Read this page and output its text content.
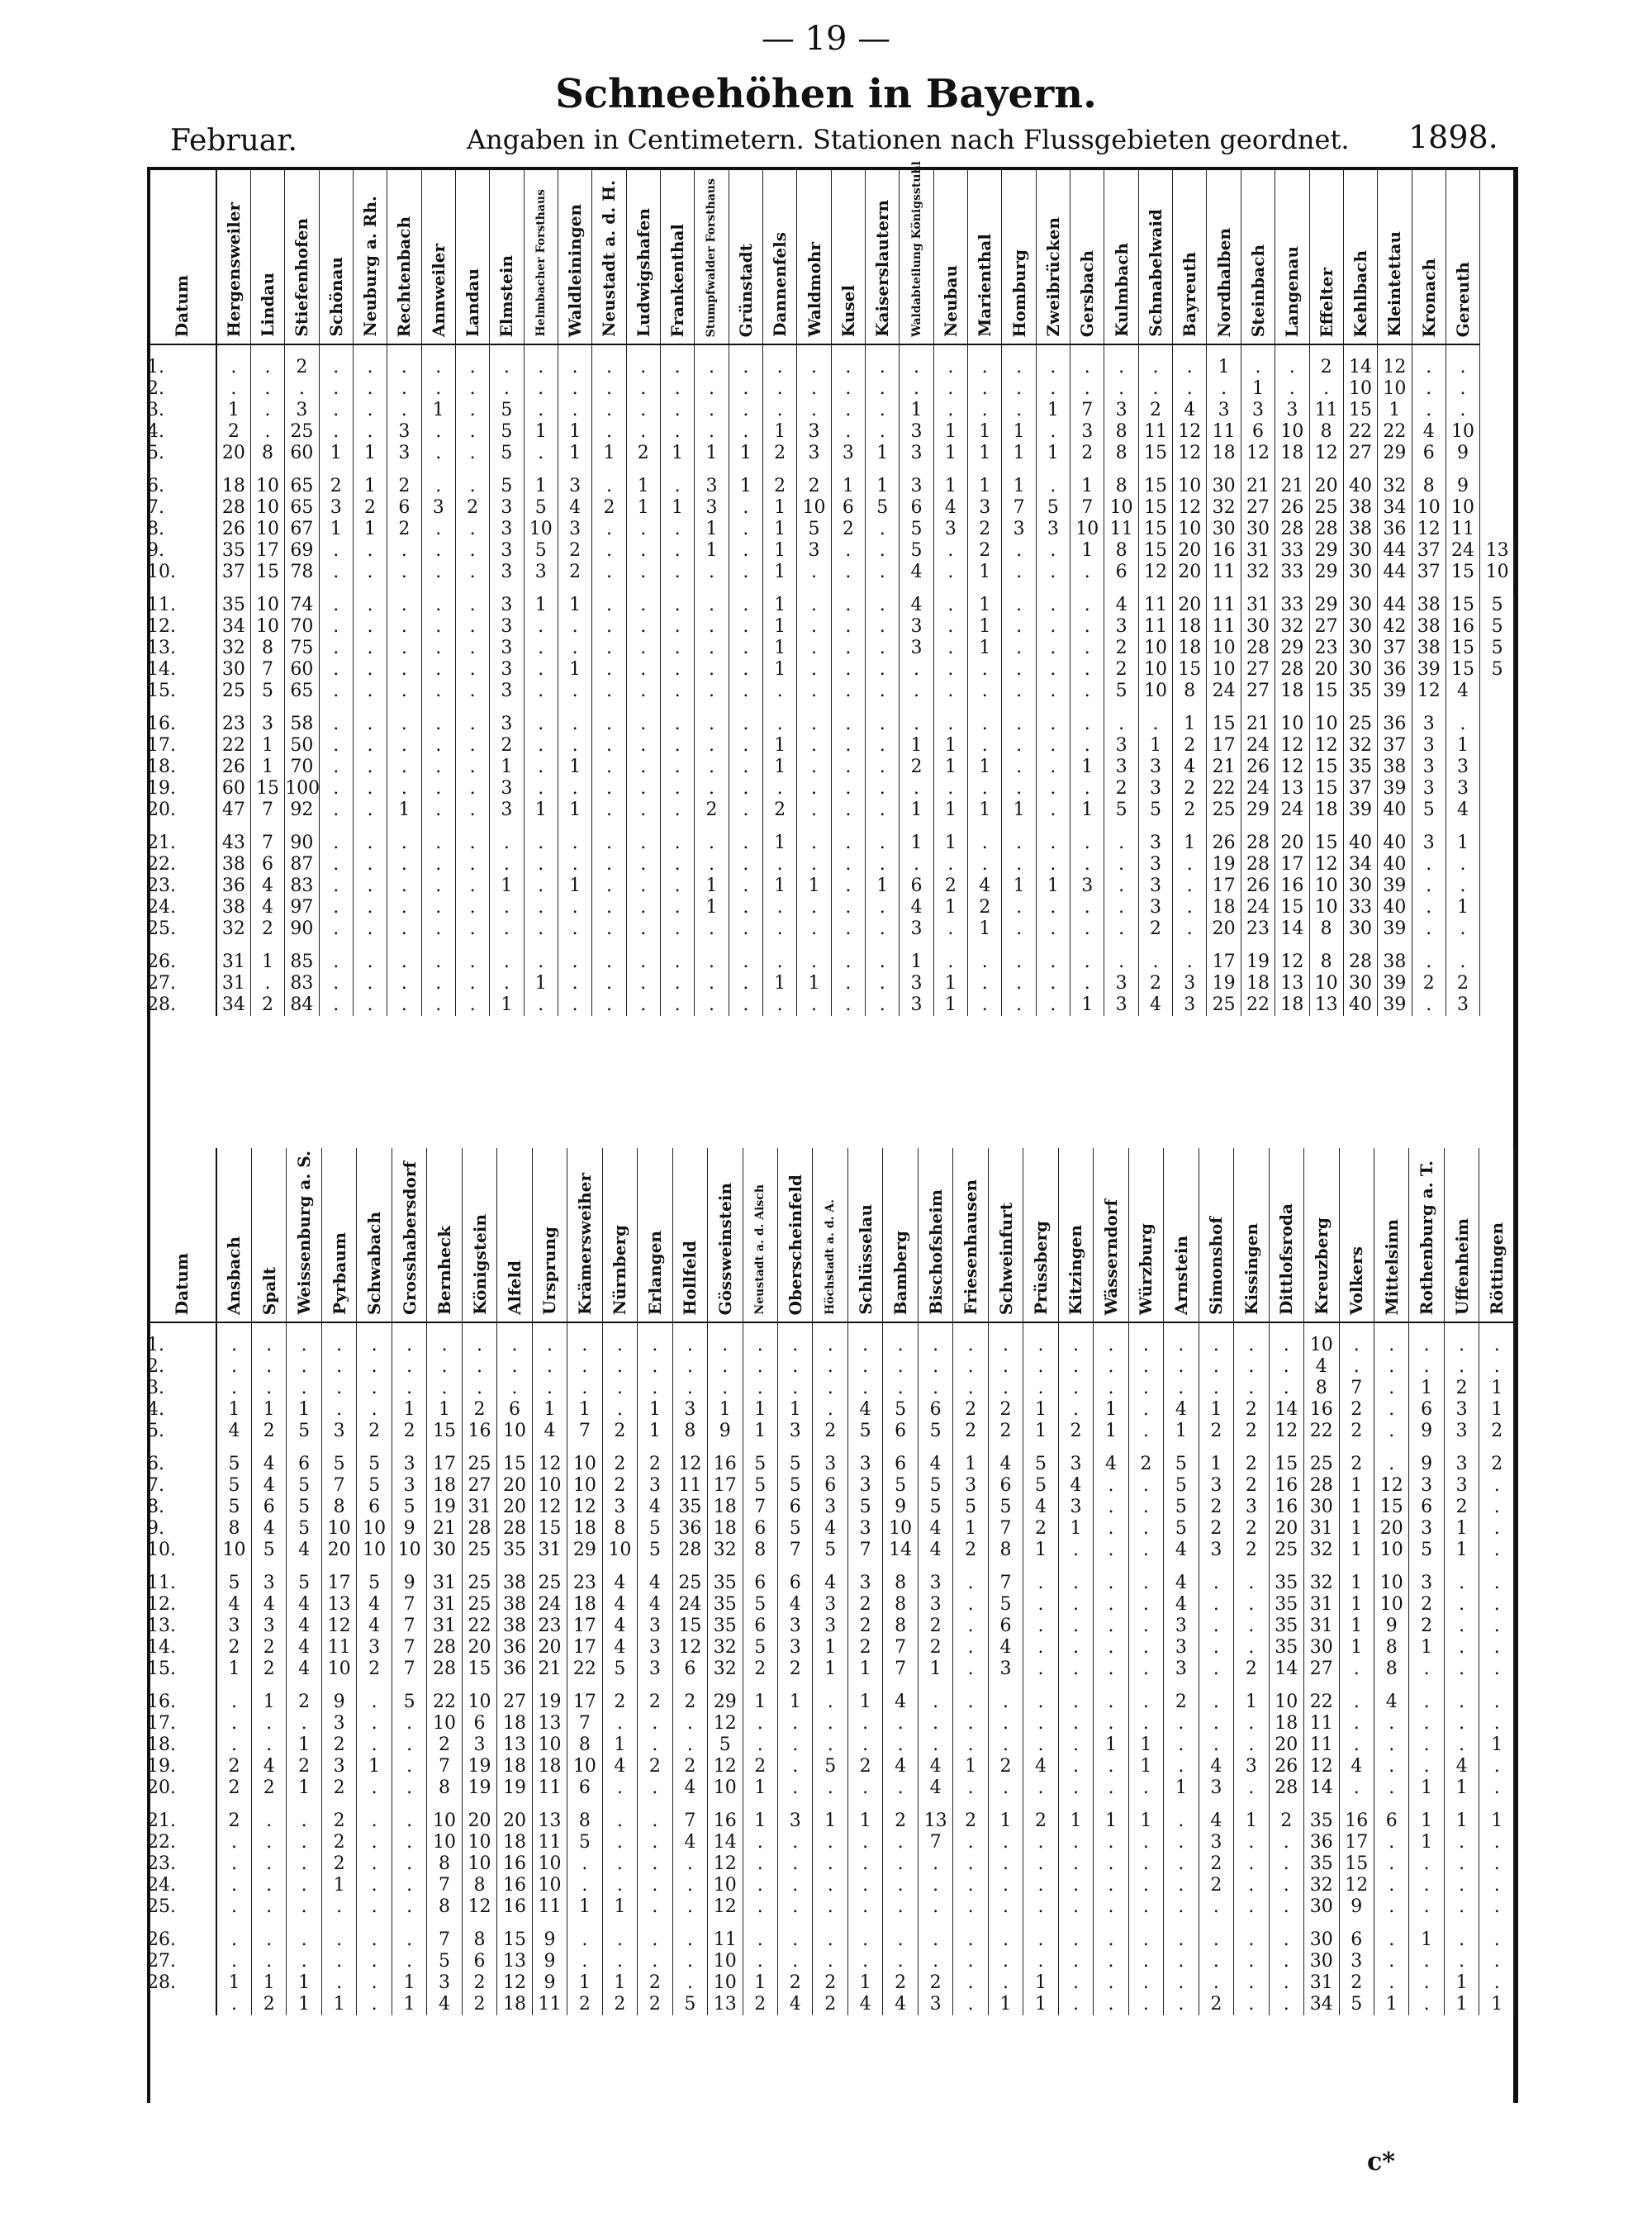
— 19 —
Schneehöhen in Bayern.
Februar.	Angaben in Centimetern. Stationen nach Flussgebieten geordnet. 1898.
Datum	Hergensweiler	Lindau	Stiefenhofen	Schönau	Neuburg a. Rh.	Rechtenbach	Annweiler	Landau	Elmstein	Helmbacher Forsthaus	Waldleiningen	Neustadt a. d. H.	Ludwigshafen	Frankenthal	Stumpfwalder Forsthaus	Grünstadt	Dannenfels	Waldmohr	Kusel	Kaiserslautern	Waldabteilung Königsstuhl	Neubau	Marienthal	Homburg	Zweibrücken	Gersbach	Kulmbach	Schnabelwaid	Bayreuth	Nordhalben	Steinbach	Langenau	Effelter	Kehlbach	Kleintettau	Kronach	Gereuth	

1.	.	.	2	.	.	.	.	.	.	.	.	.	.	.	.	.	.	.	.	.	.	.	.	.	.	.	.	.	.	1	.	.	2	14	12	.	.	
2.	.	.	.	.	.	.	.	.	.	.	.	.	.	.	.	.	.	.	.	.	.	.	.	.	.	.	.	.	.	.	1	.	.	10	10	.	.	
3.	1	.	3	.	.	.	1	.	5	.	.	.	.	.	.	.	.	.	.	.	1	.	.	.	1	7	3	2	4	3	3	3	11	15	1	.	.	
4.	2	.	25	.	.	3	.	.	5	1	1	.	.	.	.	.	1	3	.	.	3	1	1	1	.	3	8	11	12	11	6	10	8	22	22	4	10	
5.	20	8	60	1	1	3	.	.	5	.	1	1	2	1	1	1	2	3	3	1	3	1	1	1	1	2	8	15	12	18	12	18	12	27	29	6	9	

6.	18	10	65	2	1	2	.	.	5	1	3	.	1	.	3	1	2	2	1	1	3	1	1	1	.	1	8	15	10	30	21	21	20	40	32	8	9	
7.	28	10	65	3	2	6	3	2	3	5	4	2	1	1	3	.	1	10	6	5	6	4	3	7	5	7	10	15	12	32	27	26	25	38	34	10	10	
8.	26	10	67	1	1	2	.	.	3	10	3	.	.	.	1	.	1	5	2	.	5	3	2	3	3	10	11	15	10	30	30	28	28	38	36	12	11	
9.	35	17	69	.	.	.	.	.	3	5	2	.	.	.	1	.	1	3	.	.	5	.	2	.	.	1	8	15	20	16	31	33	29	30	44	37	24	13
10.	37	15	78	.	.	.	.	.	3	3	2	.	.	.	.	.	1	.	.	.	4	.	1	.	.	.	6	12	20	11	32	33	29	30	44	37	15	10

11.	35	10	74	.	.	.	.	.	3	1	1	.	.	.	.	.	1	.	.	.	4	.	1	.	.	.	4	11	20	11	31	33	29	30	44	38	15	5
12.	34	10	70	.	.	.	.	.	3	.	.	.	.	.	.	.	1	.	.	.	3	.	1	.	.	.	3	11	18	11	30	32	27	30	42	38	16	5
13.	32	8	75	.	.	.	.	.	3	.	.	.	.	.	.	.	1	.	.	.	3	.	1	.	.	.	2	10	18	10	28	29	23	30	37	38	15	5
14.	30	7	60	.	.	.	.	.	3	.	1	.	.	.	.	.	1	.	.	.	.	.	.	.	.	.	2	10	15	10	27	28	20	30	36	39	15	5
15.	25	5	65	.	.	.	.	.	3	.	.	.	.	.	.	.	.	.	.	.	.	.	.	.	.	.	5	10	8	24	27	18	15	35	39	12	4	

16.	23	3	58	.	.	.	.	.	3	.	.	.	.	.	.	.	.	.	.	.	.	.	.	.	.	.	.	.	1	15	21	10	10	25	36	3	.	
17.	22	1	50	.	.	.	.	.	2	.	.	.	.	.	.	.	1	.	.	.	1	1	.	.	.	.	3	1	2	17	24	12	12	32	37	3	1	
18.	26	1	70	.	.	.	.	.	1	.	1	.	.	.	.	.	1	.	.	.	2	1	1	.	.	1	3	3	4	21	26	12	15	35	38	3	3	
19.	60	15	100	.	.	.	.	.	3	.	.	.	.	.	.	.	.	.	.	.	.	.	.	.	.	.	2	3	2	22	24	13	15	37	39	3	3	
20.	47	7	92	.	.	1	.	.	3	1	1	.	.	.	2	.	2	.	.	.	1	1	1	1	.	1	5	5	2	25	29	24	18	39	40	5	4	

21.	43	7	90	.	.	.	.	.	.	.	.	.	.	.	.	.	1	.	.	.	1	1	.	.	.	.	.	3	1	26	28	20	15	40	40	3	1	
22.	38	6	87	.	.	.	.	.	.	.	.	.	.	.	.	.	.	.	.	.	.	.	.	.	.	.	.	3	.	19	28	17	12	34	40	.	.	
23.	36	4	83	.	.	.	.	.	1	.	1	.	.	.	1	.	1	1	.	1	6	2	4	1	1	3	.	3	.	17	26	16	10	30	39	.	.	
24.	38	4	97	.	.	.	.	.	.	.	.	.	.	.	1	.	.	.	.	.	4	1	2	.	.	.	.	3	.	18	24	15	10	33	40	.	1	
25.	32	2	90	.	.	.	.	.	.	.	.	.	.	.	.	.	.	.	.	.	3	.	1	.	.	.	.	2	.	20	23	14	8	30	39	.	.	

26.	31	1	85	.	.	.	.	.	.	.	.	.	.	.	.	.	.	.	.	.	1	.	.	.	.	.	.	.	.	17	19	12	8	28	38	.	.	
27.	31	.	83	.	.	.	.	.	.	1	.	.	.	.	.	.	1	1	.	.	3	1	.	.	.	.	3	2	3	19	18	13	10	30	39	2	2	
28.	34	2	84	.	.	.	.	.	1	.	.	.	.	.	.	.	.	.	.	.	3	1	.	.	.	1	3	4	3	25	22	18	13	40	39	.	3	
Datum	Ansbach	Spalt	Weissenburg a. S.	Pyrbaum	Schwabach	Grosshabersdorf	Bernheck	Königstein	Alfeld	Ursprung	Krämersweiher	Nürnberg	Erlangen	Hollfeld	Gössweinstein	Neustadt a. d. Aisch	Oberscheinfeld	Höchstadt a. d. A.	Schlüsselau	Bamberg	Bischofsheim	Friesenhausen	Schweinfurt	Prüssberg	Kitzingen	Wässerndorf	Würzburg	Arnstein	Simonshof	Kissingen	Dittlofsroda	Kreuzberg	Volkers	Mittelsinn	Rothenburg a. T.	Uffenheim	Röttingen

1.	.	.	.	.	.	.	.	.	.	.	.	.	.	.	.	.	.	.	.	.	.	.	.	.	.	.	.	.	.	.	.	10	.	.	.	.	.
2.	.	.	.	.	.	.	.	.	.	.	.	.	.	.	.	.	.	.	.	.	.	.	.	.	.	.	.	.	.	.	.	4	.	.	.	.	.
3.	.	.	.	.	.	.	.	.	.	.	.	.	.	.	.	.	.	.	.	.	.	.	.	.	.	.	.	.	.	.	.	8	7	.	1	2	1
4.	1	1	1	.	.	1	1	2	6	1	1	.	1	3	1	1	1	.	4	5	6	2	2	1	.	1	.	4	1	2	14	16	2	.	6	3	1
5.	4	2	5	3	2	2	15	16	10	4	7	2	1	8	9	1	3	2	5	6	5	2	2	1	2	1	.	1	2	2	12	22	2	.	9	3	2

6.	5	4	6	5	5	3	17	25	15	12	10	2	2	12	16	5	5	3	3	6	4	1	4	5	3	4	2	5	1	2	15	25	2	.	9	3	2
7.	5	4	5	7	5	3	18	27	20	10	10	2	3	11	17	5	5	6	3	5	5	3	6	5	4	.	.	5	3	2	16	28	1	12	3	3	.
8.	5	6	5	8	6	5	19	31	20	12	12	3	4	35	18	7	6	3	5	9	5	5	5	4	3	.	.	5	2	3	16	30	1	15	6	2	.
9.	8	4	5	10	10	9	21	28	28	15	18	8	5	36	18	6	5	4	3	10	4	1	7	2	1	.	.	5	2	2	20	31	1	20	3	1	.
10.	10	5	4	20	10	10	30	25	35	31	29	10	5	28	32	8	7	5	7	14	4	2	8	1	.	.	.	4	3	2	25	32	1	10	5	1	.

11.	5	3	5	17	5	9	31	25	38	25	23	4	4	25	35	6	6	4	3	8	3	.	7	.	.	.	.	4	.	.	35	32	1	10	3	.	.
12.	4	4	4	13	4	7	31	25	38	24	18	4	4	24	35	5	4	3	2	8	3	.	5	.	.	.	.	4	.	.	35	31	1	10	2	.	.
13.	3	3	4	12	4	7	31	22	38	23	17	4	3	15	35	6	3	3	2	8	2	.	6	.	.	.	.	3	.	.	35	31	1	9	2	.	.
14.	2	2	4	11	3	7	28	20	36	20	17	4	3	12	32	5	3	1	2	7	2	.	4	.	.	.	.	3	.	.	35	30	1	8	1	.	.
15.	1	2	4	10	2	7	28	15	36	21	22	5	3	6	32	2	2	1	1	7	1	.	3	.	.	.	.	3	.	2	14	27	.	8	.	.	.

16.	.	1	2	9	.	5	22	10	27	19	17	2	2	2	29	1	1	.	1	4	.	.	.	.	.	.	.	2	.	1	10	22	.	4	.	.	.
17.	.	.	.	3	.	.	10	6	18	13	7	.	.	.	12	.	.	.	.	.	.	.	.	.	.	.	.	.	.	.	18	11	.	.	.	.	.
18.	.	.	1	2	.	.	2	3	13	10	8	1	.	.	5	.	.	.	.	.	.	.	.	.	.	1	1	.	.	.	20	11	.	.	.	.	1
19.	2	4	2	3	1	.	7	19	18	18	10	4	2	2	12	2	.	5	2	4	4	1	2	4	.	.	1	.	4	3	26	12	4	.	.	4	.
20.	2	2	1	2	.	.	8	19	19	11	6	.	.	4	10	1	.	.	.	.	4	.	.	.	.	.	.	1	3	.	28	14	.	.	1	1	.

21.	2	.	.	2	.	.	10	20	20	13	8	.	.	7	16	1	3	1	1	2	13	2	1	2	1	1	1	.	4	1	2	35	16	6	1	1	1
22.	.	.	.	2	.	.	10	10	18	11	5	.	.	4	14	.	.	.	.	.	7	.	.	.	.	.	.	.	3	.	.	36	17	.	1	.	.
23.	.	.	.	2	.	.	8	10	16	10	.	.	.	.	12	.	.	.	.	.	.	.	.	.	.	.	.	.	2	.	.	35	15	.	.	.	.
24.	.	.	.	1	.	.	7	8	16	10	.	.	.	.	10	.	.	.	.	.	.	.	.	.	.	.	.	.	2	.	.	32	12	.	.	.	.
25.	.	.	.	.	.	.	8	12	16	11	1	1	.	.	12	.	.	.	.	.	.	.	.	.	.	.	.	.	.	.	.	30	9	.	.	.	.

26.	.	.	.	.	.	.	7	8	15	9	.	.	.	.	11	.	.	.	.	.	.	.	.	.	.	.	.	.	.	.	.	30	6	.	1	.	.
27.	.	.	.	.	.	.	5	6	13	9	.	.	.	.	10	.	.	.	.	.	.	.	.	.	.	.	.	.	.	.	.	30	3	.	.	.	.
28.	1	1	1	.	.	1	3	2	12	9	1	1	2	.	10	1	2	2	1	2	2	.	.	1	.	.	.	.	.	.	.	31	2	.	.	1	.
	.	2	1	1	.	1	4	2	18	11	2	2	2	5	13	2	4	2	4	4	3	.	1	1	.	.	.	.	2	.	.	34	5	1	.	1	1
c*
